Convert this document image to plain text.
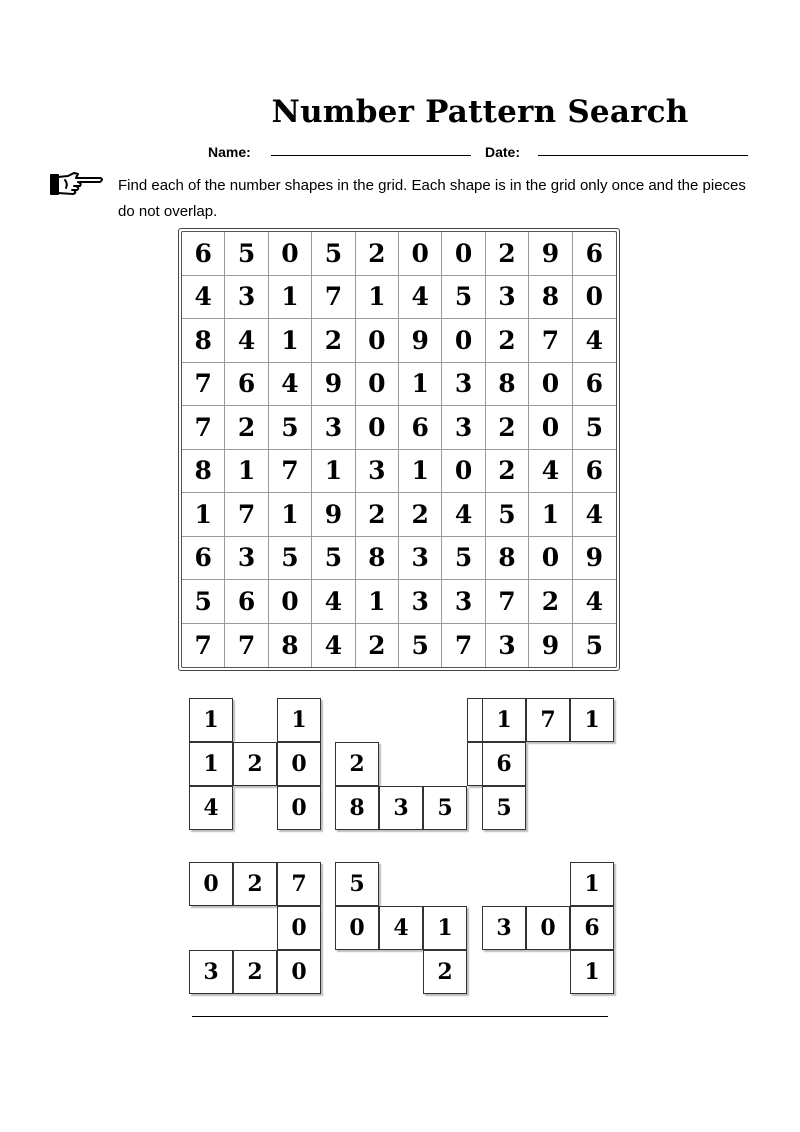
Number Pattern Search
Name:	Date:
Find each of the number shapes in the grid. Each shape is in the grid only once and the pieces do not overlap.
6	5	0	5	2	0	0	2	9	6
4	3	1	7	1	4	5	3	8	0
8	4	1	2	0	9	0	2	7	4
7	6	4	9	0	1	3	8	0	6
7	2	5	3	0	6	3	2	0	5
8	1	7	1	3	1	0	2	4	6
1	7	1	9	2	2	4	5	1	4
6	3	5	5	8	3	5	8	0	9
5	6	0	4	1	3	3	7	2	4
7	7	8	4	2	5	7	3	9	5
1	1
1	2	0
4	0
2
8	3	5
1	7	1
6
5
0	2	7
0
3	2	0
5
0	4	1
2
1
3	0	6
1
